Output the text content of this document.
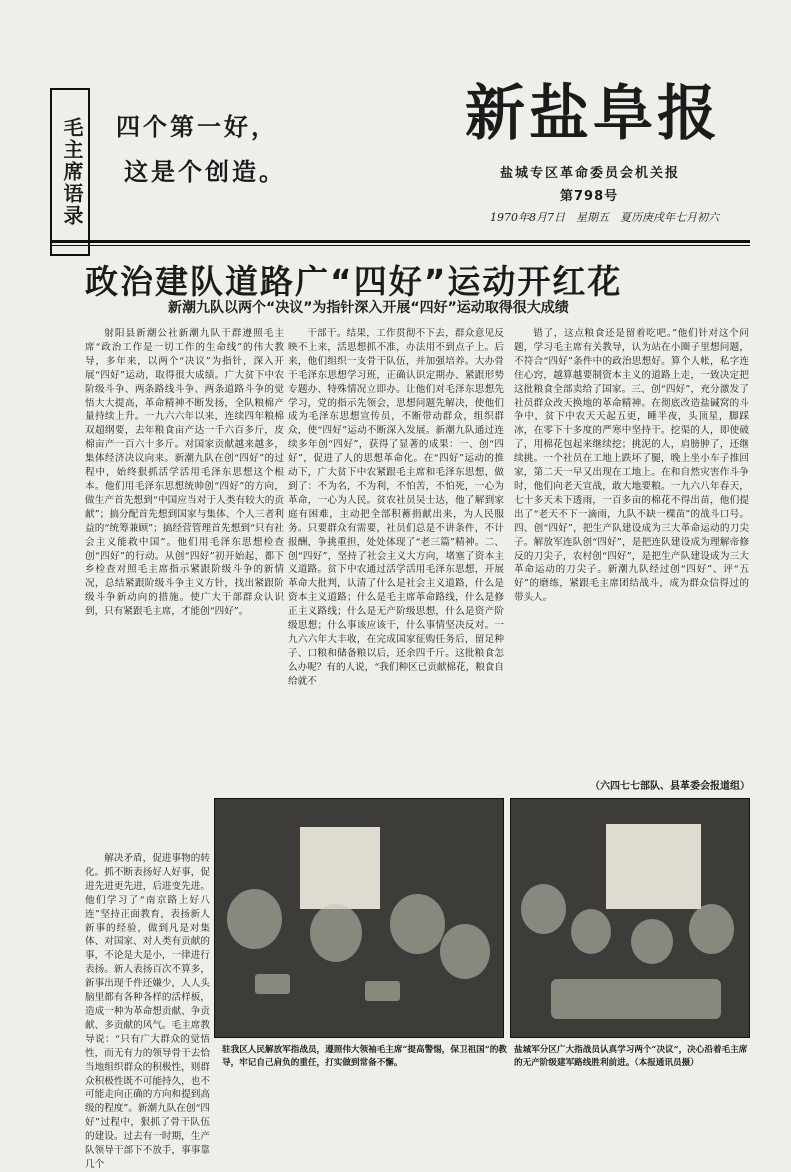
毛主席语录 四个第一好，
这是个创造。
新盐阜报
盐城专区革命委员会机关报
第798号
1970年8月7日　星期五　夏历庚戌年七月初六
政治建队道路广“四好”运动开红花
新潮九队以两个“决议”为指针深入开展“四好”运动取得很大成绩

射阳县新潮公社新潮九队干群遵照毛主席“政治工作是一切工作的生命线”的伟大教导，多年来，以两个“决议”为指针，深入开展“四好”运动，取得很大成绩。广大贫下中农阶级斗争、两条路线斗争、两条道路斗争的觉悟大大提高，革命精神不断发扬，全队粮棉产量持续上升。一九六六年以来，连续四年粮棉双超纲要，去年粮食亩产达一千六百多斤，皮棉亩产一百六十多斤。对国家贡献越来越多，集体经济决议向来。新潮九队在创“四好”的过程中，始终狠抓活学活用毛泽东思想这个根本。他们用毛泽东思想统帅创“四好”的方向，做生产首先想到“中国应当对于人类有较大的贡献”；搞分配首先想到国家与集体、个人三者利益的“统筹兼顾”；搞经营管理首先想到“只有社会主义能救中国”。他们用毛泽东思想检查创“四好”的行动。从创“四好”初开始起，都下乡检查对照毛主席指示紧跟阶级斗争的新情况，总结紧跟阶级斗争主义方针，找出紧跟阶级斗争新动向的措施。使广大干部群众认识到，只有紧跟毛主席，才能创“四好”。

干部干。结果，工作贯彻不下去，群众意见反映不上来，活思想抓不准，办法用不到点子上。后来，他们组织一支骨干队伍，并加强培养。大办骨干毛泽东思想学习班，正确认识定期办、紧跟形势专题办、特殊情况立即办。让他们对毛泽东思想先学习，党的指示先领会，思想问题先解决，使他们成为毛泽东思想宣传员，不断带动群众，组织群众，使“四好”运动不断深入发展。新潮九队通过连续多年创“四好”，获得了显著的成果：一、创“四好”，促进了人的思想革命化。在“四好”运动的推动下，广大贫下中农紧跟毛主席和毛泽东思想，做到了：不为名，不为利，不怕苦，不怕死，一心为革命，一心为人民。贫农社员吴士达，他了解到家庭有困难，主动把全部积蓄捐献出来，为人民服务。只要群众有需要，社员们总是不讲条件，不计报酬，争挑重担，处处体现了“老三篇”精神。二、创“四好”，坚持了社会主义大方向，堵塞了资本主义道路。贫下中农通过活学活用毛泽东思想，开展革命大批判，认清了什么是社会主义道路，什么是资本主义道路；什么是毛主席革命路线，什么是修正主义路线；什么是无产阶级思想，什么是资产阶级思想；什么事该应该干，什么事情坚决反对。一九六六年大丰收，在完成国家征购任务后，留足种子、口粮和储备粮以后，还余四千斤。这批粮食怎么办呢？有的人说，“我们种区已贡献棉花，粮食自给就不

错了，这点粮食还是留着吃吧。”他们针对这个问题，学习毛主席有关教导，认为站在小圈子里想问题，不符合“四好”条件中的政治思想好。算个人帐，私字连住心窍，越算越要制资本主义的道路上走，一致决定把这批粮食全部卖给了国家。三、创“四好”，充分激发了社员群众改天换地的革命精神。在彻底改造盐碱窝的斗争中，贫下中农天天起五更，睡半夜，头顶星，脚踩冰，在零下十多度的严寒中坚持干。挖渠的人，即使破了，用棉花包起来继续挖；挑泥的人，肩膀肿了，还继续挑。一个社员在工地上跌坏了腿，晚上坐小车子推回家，第二天一早又出现在工地上。在和自然灾害作斗争时，他们向老天宣战，敢大地要粮。一九六八年春天，七十多天未下透雨，一百多亩的棉花不得出苗，他们提出了“老天不下一滴雨，九队不缺一棵苗”的战斗口号。四、创“四好”，把生产队建设成为三大革命运动的刀尖子。解放军连队创“四好”，是把连队建设成为理解帝修反的刀尖子，农村创“四好”，是把生产队建设成为三大革命运动的刀尖子。新潮九队经过创“四好”、评“五好”的磨练，紧跟毛主席团结战斗，成为群众信得过的带头人。

（六四七七部队、县革委会报道组）

解决矛盾，促进事物的转化。抓不断表扬好人好事，促进先进更先进，后进变先进。他们学习了“南京路上好八连”坚持正面教育，表扬新人新事的经验，做到凡是对集体、对国家、对人类有贡献的事，不论是大是小，一律进行表扬。新人表扬百次不算多，新事出现千件还嫌少，人人头脑里都有各种各样的活样板，造成一种为革命想贡献、争贡献、多贡献的风气。毛主席教导说：“只有广大群众的觉悟性，而无有力的领导骨干去恰当地组织群众的积极性，则群众积极性既不可能持久，也不可能走向正确的方向和提到高级的程度”。新潮九队在创“四好”过程中，狠抓了骨干队伍的建设。过去有一时期，生产队领导干部下不放手，事事靠几个

驻我区人民解放军指战员，遵照伟大领袖毛主席“提高警惕，保卫祖国”的教导，牢记自己肩负的重任，打实做到常备不懈。
盐城军分区广大指战员认真学习两个“决议”，决心沿着毛主席的无产阶级建军路线胜利前进。（本报通讯员摄）
